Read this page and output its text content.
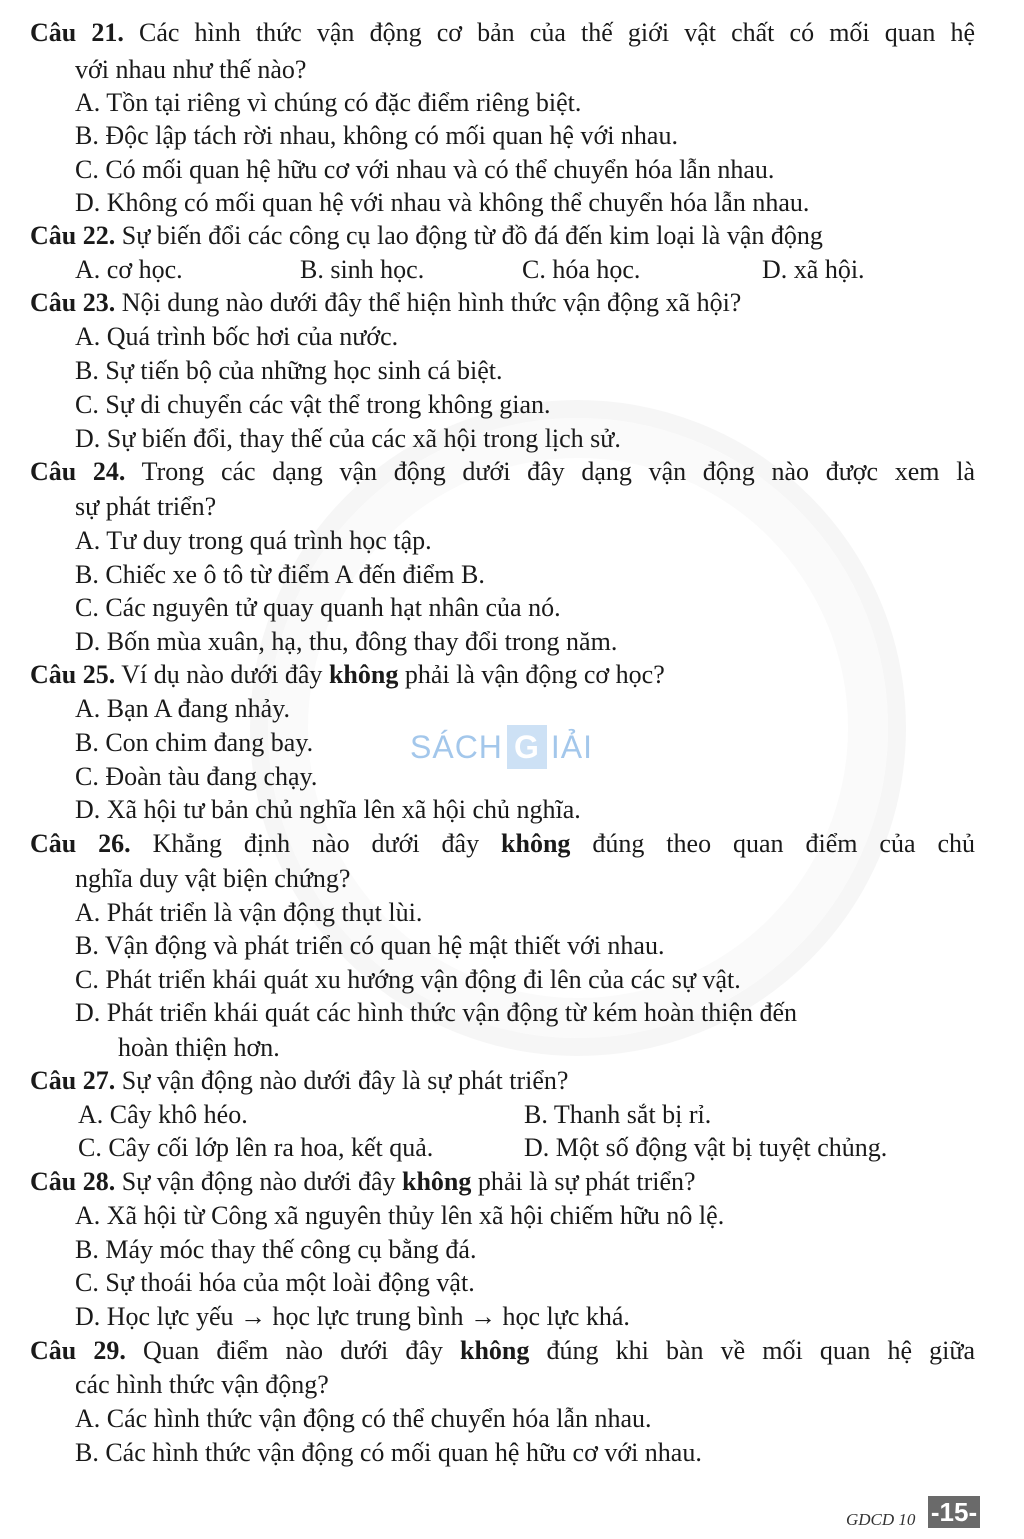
Câu 21. Các hình thức vận động cơ bản của thế giới vật chất có mối quan hệ
với nhau như thế nào?
A. Tồn tại riêng vì chúng có đặc điểm riêng biệt.
B. Độc lập tách rời nhau, không có mối quan hệ với nhau.
C. Có mối quan hệ hữu cơ với nhau và có thể chuyển hóa lẫn nhau.
D. Không có mối quan hệ với nhau và không thể chuyển hóa lẫn nhau.
Câu 22. Sự biến đổi các công cụ lao động từ đồ đá đến kim loại là vận động
A. cơ học.	B. sinh học.	C. hóa học.	D. xã hội.
Câu 23. Nội dung nào dưới đây thể hiện hình thức vận động xã hội?
A. Quá trình bốc hơi của nước.
B. Sự tiến bộ của những học sinh cá biệt.
C. Sự di chuyển các vật thể trong không gian.
D. Sự biến đổi, thay thế của các xã hội trong lịch sử.
Câu 24. Trong các dạng vận động dưới đây dạng vận động nào được xem là
sự phát triển?
A. Tư duy trong quá trình học tập.
B. Chiếc xe ô tô từ điểm A đến điểm B.
C. Các nguyên tử quay quanh hạt nhân của nó.
D. Bốn mùa xuân, hạ, thu, đông thay đổi trong năm.
Câu 25. Ví dụ nào dưới đây không phải là vận động cơ học?
A. Bạn A đang nhảy.
B. Con chim đang bay.
C. Đoàn tàu đang chạy.
D. Xã hội tư bản chủ nghĩa lên xã hội chủ nghĩa.
Câu 26. Khẳng định nào dưới đây không đúng theo quan điểm của chủ
nghĩa duy vật biện chứng?
A. Phát triển là vận động thụt lùi.
B. Vận động và phát triển có quan hệ mật thiết với nhau.
C. Phát triển khái quát xu hướng vận động đi lên của các sự vật.
D. Phát triển khái quát các hình thức vận động từ kém hoàn thiện đến
hoàn thiện hơn.
Câu 27. Sự vận động nào dưới đây là sự phát triển?
A. Cây khô héo.	B. Thanh sắt bị rỉ.
C. Cây cối lớp lên ra hoa, kết quả.	D. Một số động vật bị tuyệt chủng.
Câu 28. Sự vận động nào dưới đây không phải là sự phát triển?
A. Xã hội từ Công xã nguyên thủy lên xã hội chiếm hữu nô lệ.
B. Máy móc thay thế công cụ bằng đá.
C. Sự thoái hóa của một loài động vật.
D. Học lực yếu → học lực trung bình → học lực khá.
Câu 29. Quan điểm nào dưới đây không đúng khi bàn về mối quan hệ giữa
các hình thức vận động?
A. Các hình thức vận động có thể chuyển hóa lẫn nhau.
B. Các hình thức vận động có mối quan hệ hữu cơ với nhau.
SÁCH G IẢI
GDCD 10 -15-
